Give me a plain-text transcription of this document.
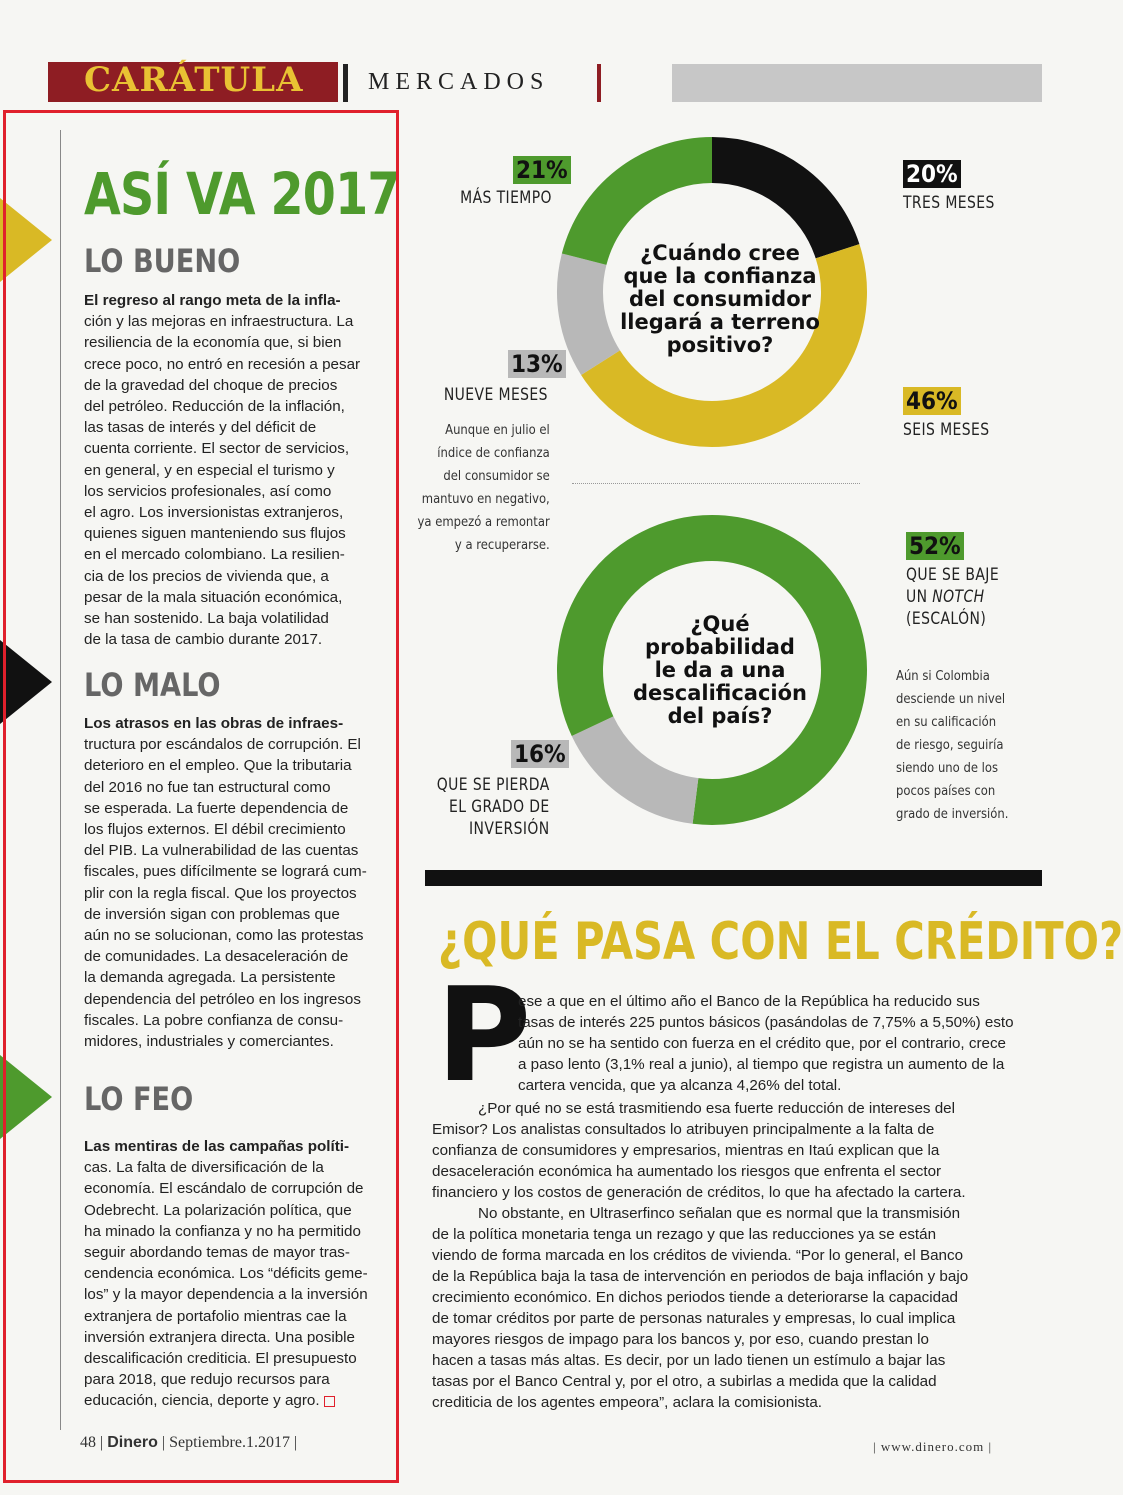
CARÁTULA	MERCADOS
ASÍ VA 2017
LO BUENO
El regreso al rango meta de la infla-
ción y las mejoras en infraestructura. La
resiliencia de la economía que, si bien
crece poco, no entró en recesión a pesar
de la gravedad del choque de precios
del petróleo. Reducción de la inflación,
las tasas de interés y del déficit de
cuenta corriente. El sector de servicios,
en general, y en especial el turismo y
los servicios profesionales, así como
el agro. Los inversionistas extranjeros,
quienes siguen manteniendo sus flujos
en el mercado colombiano. La resilien-
cia de los precios de vivienda que, a
pesar de la mala situación económica,
se han sostenido. La baja volatilidad
de la tasa de cambio durante 2017.
LO MALO
Los atrasos en las obras de infraes-
tructura por escándalos de corrupción. El
deterioro en el empleo. Que la tributaria
del 2016 no fue tan estructural como
se esperada. La fuerte dependencia de
los flujos externos. El débil crecimiento
del PIB. La vulnerabilidad de las cuentas
fiscales, pues difícilmente se logrará cum-
plir con la regla fiscal. Que los proyectos
de inversión sigan con problemas que
aún no se solucionan, como las protestas
de comunidades. La desaceleración de
la demanda agregada. La persistente
dependencia del petróleo en los ingresos
fiscales. La pobre confianza de consu-
midores, industriales y comerciantes.
LO FEO
Las mentiras de las campañas políti-
cas. La falta de diversificación de la
economía. El escándalo de corrupción de
Odebrecht. La polarización política, que
ha minado la confianza y no ha permitido
seguir abordando temas de mayor tras-
cendencia económica. Los “déficits geme-
los” y la mayor dependencia a la inversión
extranjera de portafolio mientras cae la
inversión extranjera directa. Una posible
descalificación crediticia. El presupuesto
para 2018, que redujo recursos para
educación, ciencia, deporte y agro.
48 | Dinero | Septiembre.1.2017 |	| www.dinero.com |
¿Cuándo cree
que la confianza
del consumidor
llegará a terreno
positivo?
21%
MÁS TIEMPO
20%
TRES MESES
13%
NUEVE MESES	46%
SEIS MESES
Aunque en julio el
índice de confianza
del consumidor se
mantuvo en negativo,
ya empezó a remontar
y a recuperarse.
¿Qué
probabilidad
le da a una
descalificación
del país?
52%
QUE SE BAJE
UN NOTCH
(ESCALÓN)
16%
QUE SE PIERDA
EL GRADO DE
INVERSIÓN
Aún si Colombia
desciende un nivel
en su calificación
de riesgo, seguiría
siendo uno de los
pocos países con
grado de inversión.
¿QUÉ PASA CON EL CRÉDITO?
P
ese a que en el último año el Banco de la República ha reducido sus
tasas de interés 225 puntos básicos (pasándolas de 7,75% a 5,50%) esto
aún no se ha sentido con fuerza en el crédito que, por el contrario, crece
a paso lento (3,1% real a junio), al tiempo que registra un aumento de la
cartera vencida, que ya alcanza 4,26% del total.

¿Por qué no se está trasmitiendo esa fuerte reducción de intereses del Emisor? Los analistas consultados lo atribuyen principalmente a la falta de confianza de consumidores y empresarios, mientras en Itaú explican que la desaceleración económica ha aumentado los riesgos que enfrenta el sector financiero y los costos de generación de créditos, lo que ha afectado la cartera.

No obstante, en Ultraserfinco señalan que es normal que la transmisión de la política monetaria tenga un rezago y que las reducciones ya se están viendo de forma marcada en los créditos de vivienda. “Por lo general, el Banco de la República baja la tasa de intervención en periodos de baja inflación y bajo crecimiento económico. En dichos periodos tiende a deteriorarse la capacidad de tomar créditos por parte de personas naturales y empresas, lo cual implica mayores riesgos de impago para los bancos y, por eso, cuando prestan lo hacen a tasas más altas. Es decir, por un lado tienen un estímulo a bajar las tasas por el Banco Central y, por el otro, a subirlas a medida que la calidad crediticia de los agentes empeora”, aclara la comisionista.
